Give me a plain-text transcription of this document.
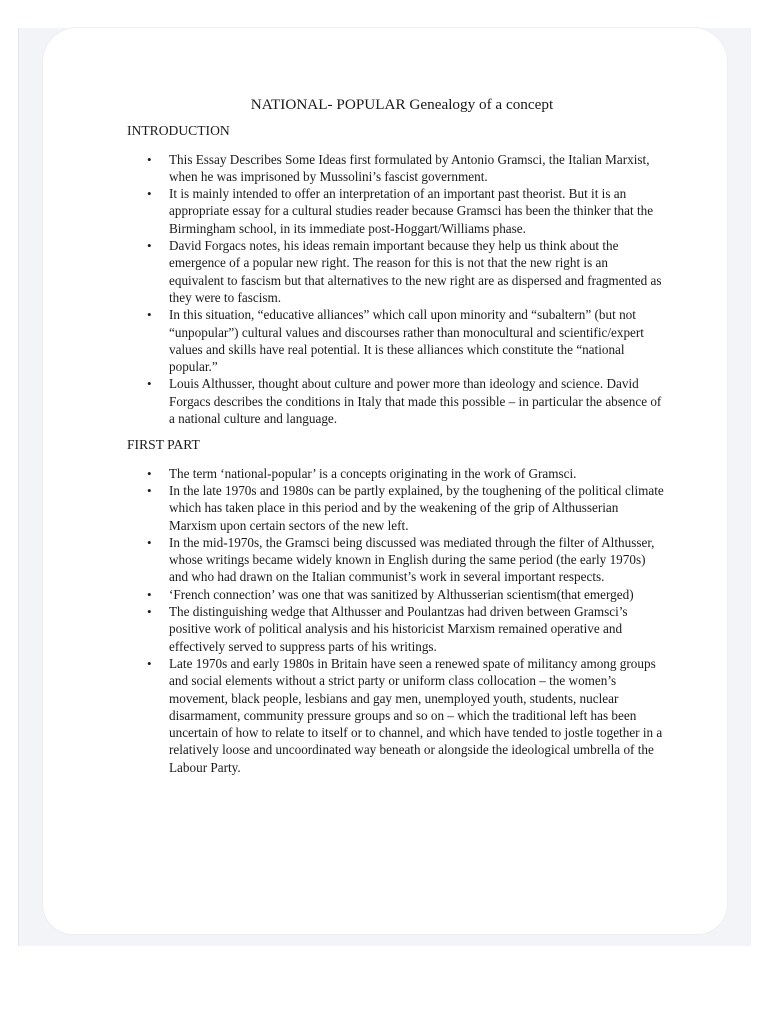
NATIONAL- POPULAR Genealogy of a concept
INTRODUCTION
• This Essay Describes Some Ideas first formulated by Antonio Gramsci, the Italian Marxist, when he was imprisoned by Mussolini’s fascist government.
• It is mainly intended to offer an interpretation of an important past theorist. But it is an appropriate essay for a cultural studies reader because Gramsci has been the thinker that the Birmingham school, in its immediate post-Hoggart/Williams phase.
• David Forgacs notes, his ideas remain important because they help us think about the emergence of a popular new right. The reason for this is not that the new right is an equivalent to fascism but that alternatives to the new right are as dispersed and fragmented as they were to fascism.
• In this situation, “educative alliances” which call upon minority and “subaltern” (but not “unpopular”) cultural values and discourses rather than monocultural and scientific/expert values and skills have real potential. It is these alliances which constitute the “national popular.”
• Louis Althusser, thought about culture and power more than ideology and science. David Forgacs describes the conditions in Italy that made this possible – in particular the absence of a national culture and language.
FIRST PART
• The term ‘national-popular’ is a concepts originating in the work of Gramsci.
• In the late 1970s and 1980s can be partly explained, by the toughening of the political climate which has taken place in this period and by the weakening of the grip of Althusserian Marxism upon certain sectors of the new left.
• In the mid-1970s, the Gramsci being discussed was mediated through the filter of Althusser, whose writings became widely known in English during the same period (the early 1970s) and who had drawn on the Italian communist’s work in several important respects.
• ‘French connection’ was one that was sanitized by Althusserian scientism(that emerged)
• The distinguishing wedge that Althusser and Poulantzas had driven between Gramsci’s positive work of political analysis and his historicist Marxism remained operative and effectively served to suppress parts of his writings.
• Late 1970s and early 1980s in Britain have seen a renewed spate of militancy among groups and social elements without a strict party or uniform class collocation – the women’s movement, black people, lesbians and gay men, unemployed youth, students, nuclear disarmament, community pressure groups and so on – which the traditional left has been uncertain of how to relate to itself or to channel, and which have tended to jostle together in a relatively loose and uncoordinated way beneath or alongside the ideological umbrella of the Labour Party.
